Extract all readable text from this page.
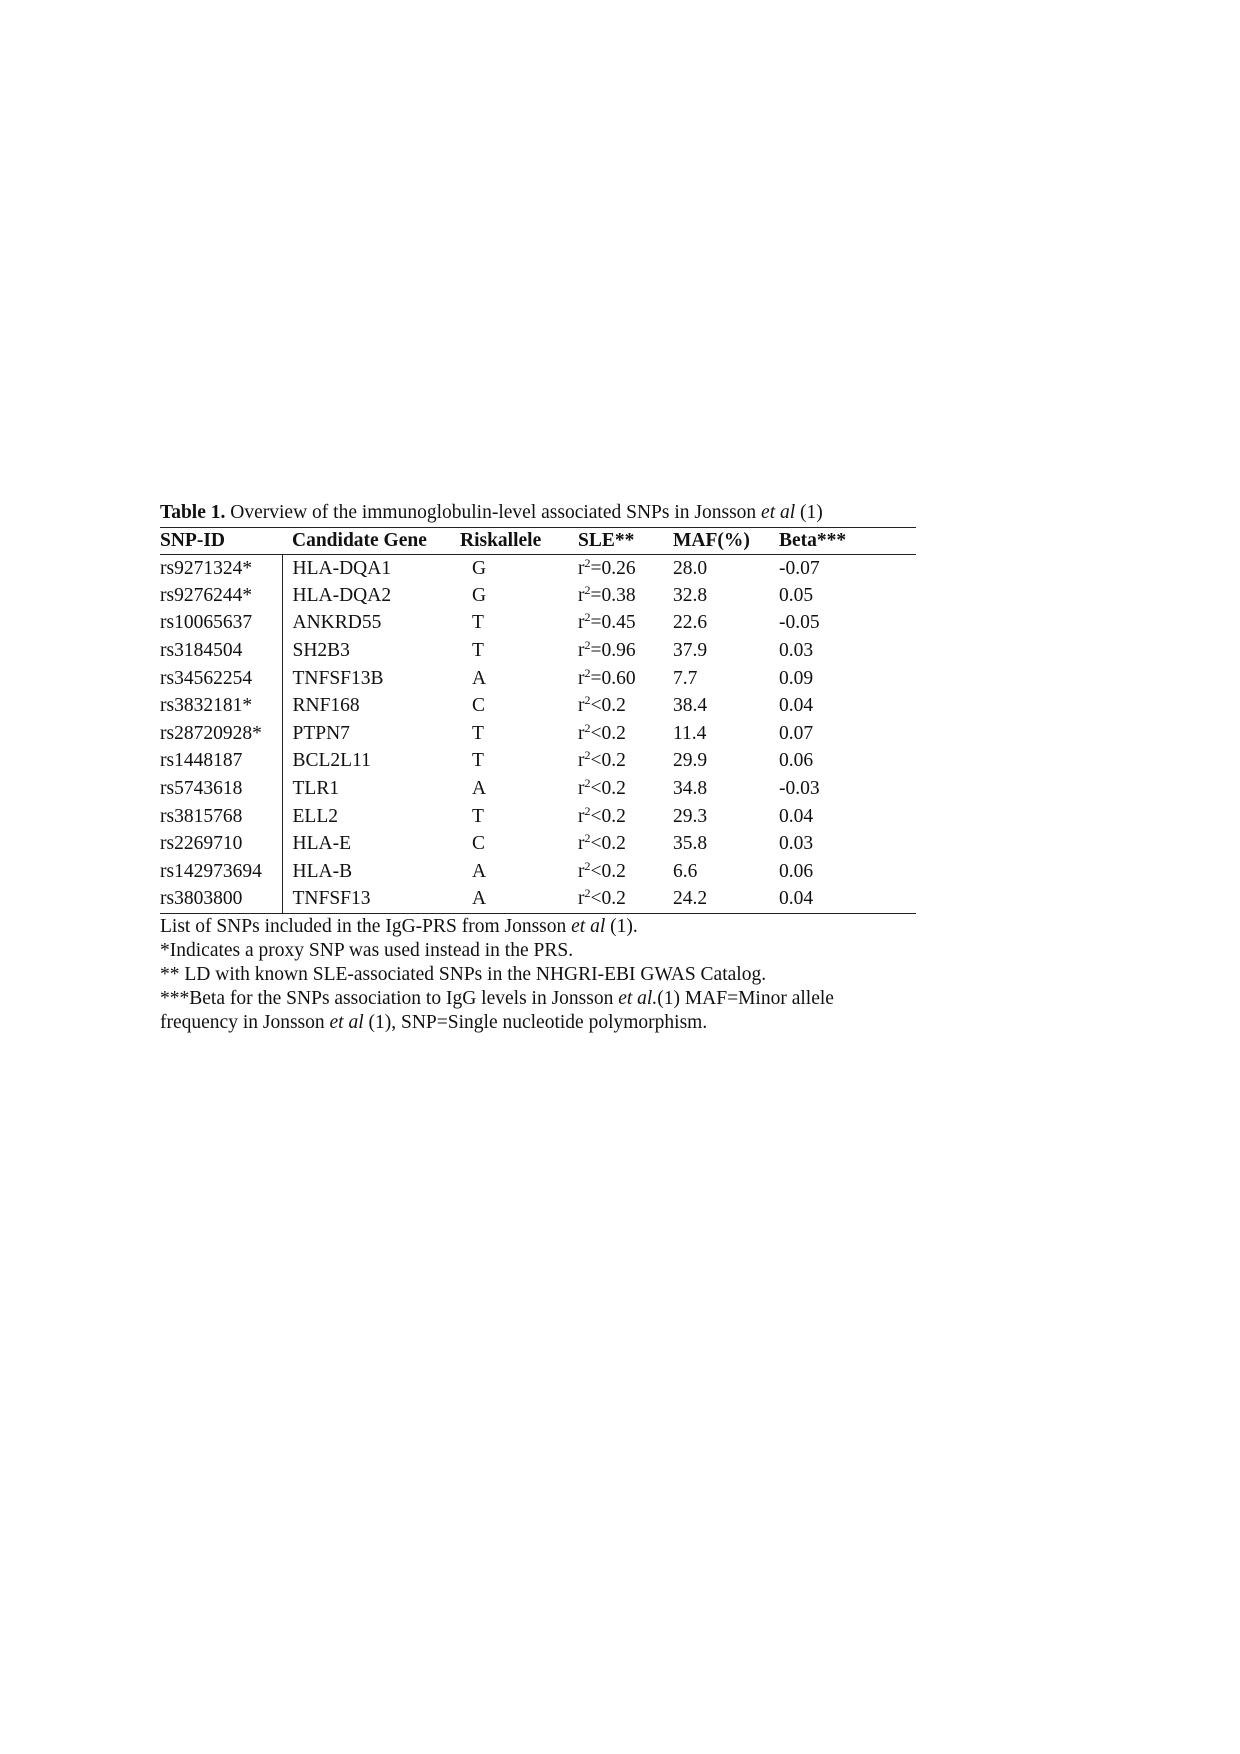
Table 1. Overview of the immunoglobulin-level associated SNPs in Jonsson et al (1)
SNP-ID	Candidate Gene	Riskallele	SLE**	MAF(%)	Beta***
rs9271324*	HLA-DQA1	G	$r^2=0.26$	28.0	-0.07
rs9276244*	HLA-DQA2	G	$r^2=0.38$	32.8	0.05
rs10065637	ANKRD55	T	$r^2=0.45$	22.6	-0.05
rs3184504	SH2B3	T	$r^2=0.96$	37.9	0.03
rs34562254	TNFSF13B	A	$r^2=0.60$	7.7	0.09
rs3832181*	RNF168	C	$r^2<0.2$	38.4	0.04
rs28720928*	PTPN7	T	$r^2<0.2$	11.4	0.07
rs1448187	BCL2L11	T	$r^2<0.2$	29.9	0.06
rs5743618	TLR1	A	$r^2<0.2$	34.8	-0.03
rs3815768	ELL2	T	$r^2<0.2$	29.3	0.04
rs2269710	HLA-E	C	$r^2<0.2$	35.8	0.03
rs142973694	HLA-B	A	$r^2<0.2$	6.6	0.06
rs3803800	TNFSF13	A	$r^2<0.2$	24.2	0.04
List of SNPs included in the IgG-PRS from Jonsson et al (1).
*Indicates a proxy SNP was used instead in the PRS.
** LD with known SLE-associated SNPs in the NHGRI-EBI GWAS Catalog.
***Beta for the SNPs association to IgG levels in Jonsson et al.(1) MAF=Minor allele
frequency in Jonsson et al (1), SNP=Single nucleotide polymorphism.
